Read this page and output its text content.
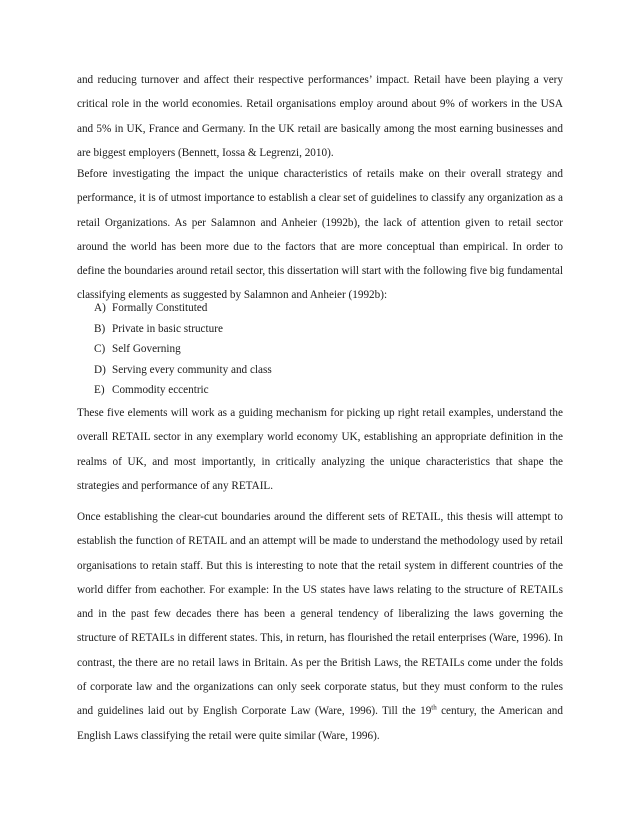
and reducing turnover and affect their respective performances’ impact. Retail have been playing a very critical role in the world economies. Retail organisations employ around about 9% of workers in the USA and 5% in UK, France and Germany. In the UK retail are basically among the most earning businesses and are biggest employers (Bennett, Iossa & Legrenzi, 2010).

Before investigating the impact the unique characteristics of retails make on their overall strategy and performance, it is of utmost importance to establish a clear set of guidelines to classify any organization as a retail Organizations. As per Salamnon and Anheier (1992b), the lack of attention given to retail sector around the world has been more due to the factors that are more conceptual than empirical. In order to define the boundaries around retail sector, this dissertation will start with the following five big fundamental classifying elements as suggested by Salamnon and Anheier (1992b):

A) Formally Constituted
B) Private in basic structure
C) Self Governing
D) Serving every community and class
E) Commodity eccentric

These five elements will work as a guiding mechanism for picking up right retail examples, understand the overall RETAIL sector in any exemplary world economy UK, establishing an appropriate definition in the realms of UK, and most importantly, in critically analyzing the unique characteristics that shape the strategies and performance of any RETAIL.

Once establishing the clear-cut boundaries around the different sets of RETAIL, this thesis will attempt to establish the function of RETAIL and an attempt will be made to understand the methodology used by retail organisations to retain staff. But this is interesting to note that the retail system in different countries of the world differ from eachother. For example: In the US states have laws relating to the structure of RETAILs and in the past few decades there has been a general tendency of liberalizing the laws governing the structure of RETAILs in different states. This, in return, has flourished the retail enterprises (Ware, 1996). In contrast, the there are no retail laws in Britain. As per the British Laws, the RETAILs come under the folds of corporate law and the organizations can only seek corporate status, but they must conform to the rules and guidelines laid out by English Corporate Law (Ware, 1996). Till the 19th century, the American and English Laws classifying the retail were quite similar (Ware, 1996).
